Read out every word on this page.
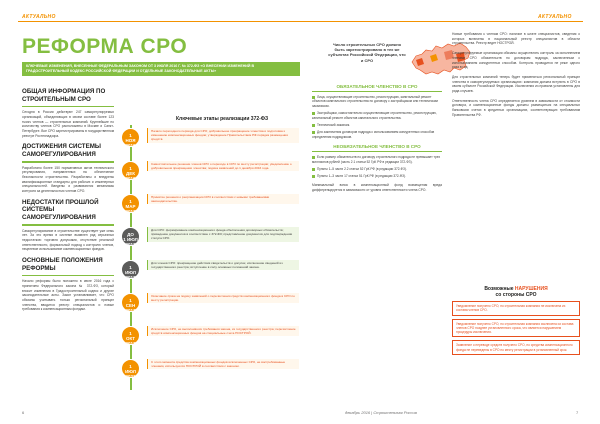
АКТУАЛЬНО	АКТУАЛЬНО
РЕФОРМА СРО
КЛЮЧЕВЫЕ ИЗМЕНЕНИЯ, ВНЕСЕННЫЕ ФЕДЕРАЛЬНЫМ ЗАКОНОМ ОТ 3 ИЮЛЯ 2016 Г. № 372-ФЗ «О ВНЕСЕНИИ ИЗМЕНЕНИЙ В ГРАДОСТРОИТЕЛЬНЫЙ КОДЕКС РОССИЙСКОЙ ФЕДЕРАЦИИ И ОТДЕЛЬНЫЕ ЗАКОНОДАТЕЛЬНЫЕ АКТЫ»
ОБЩАЯ ИНФОРМАЦИЯ ПО СТРОИТЕЛЬНЫМ СРО
Сегодня в России действуют 247 саморегулируемых организаций, объединяющих в своем составе более 123 тысяч членов — строительных компаний. Крупнейшие по количеству членов СРО расположены в Москве и Санкт-Петербурге. Все СРО зарегистрированы в государственном реестре Ростехнадзора.
ДОСТИЖЕНИЯ СИСТЕМЫ САМОРЕГУЛИРОВАНИЯ
Разработано более 150 нормативных актов технического регулирования, направленных на обеспечение безопасности строительства. Разработаны и внедрены квалификационные стандарты для рабочих и инженерных специальностей. Введены и развиваются механизмы контроля за деятельностью членов СРО.
НЕДОСТАТКИ ПРОШЛОЙ СИСТЕМЫ САМОРЕГУЛИРОВАНИЯ
Саморегулирование в строительстве существует уже семь лет. За это время в системе выявлен ряд серьезных недостатков: торговля допусками, отсутствие реальной ответственности, формальный подход к контролю членов, нецелевое использование компенсационных фондов.
ОСНОВНЫЕ ПОЛОЖЕНИЯ РЕФОРМЫ
Начало реформы было положено в июле 2016 года с принятием Федерального закона № 372-ФЗ, который вносит изменения в Градостроительный кодекс и другие законодательные акты. Закон устанавливает, что СРО обязаны учитывать только региональный принцип членства, вводится реестр специалистов и новые требования к компенсационным фондам.
Ключевые этапы реализации 372-ФЗ
1
НОЯ
2016
Начало переходного периода для СРО; добровольное прекращение членства и подготовка к изменению компенсационных фондов; утверждение Правительством РФ порядка размещения средств.
1
ДЕК
2016
Самостоятельное решение членов СРО о переходе в СРО по месту регистрации; уведомление о добровольном прекращении членства; подача заявлений до 1 декабря 2016 года.
1
МАР
2017
Принятие решения о реорганизации СРО в соответствии с новыми требованиями законодательства.
ДО
1 ИЮЛ
2017
Для СРО: формирование компенсационного фонда обеспечения договорных обязательств; приведение документов в соответствие с 372-ФЗ; представление документов для подтверждения статуса СРО.
1
ИЮЛ
2017
Для членов СРО: прекращение действия свидетельств о допуске; исключение сведений из государственного реестра; вступление в силу основных положений закона.
1
СЕН
2017
Окончание срока на подачу заявлений о перечислении средств компенсационного фонда в СРО по месту регистрации.
1
ОКТ
2017
Исключение СРО, не выполнивших требования закона, из государственного реестра; перечисление средств компенсационных фондов на специальные счета НОСТРОЙ.
1
ИЮЛ
2021
С этого момента средства компенсационных фондов исключенных СРО, не востребованные членами, используются НОСТРОЙ в соответствии с законом.
Число строительных СРО должно быть зарегистрировано в тех же субъектах Российской Федерации, что и СРО
ОБЯЗАТЕЛЬНОЕ ЧЛЕНСТВО В СРО
Лица, осуществляющие строительство, реконструкцию, капитальный ремонт объектов капитального строительства по договору с застройщиком или техническим заказчиком.
Застройщики, самостоятельно осуществляющие строительство, реконструкцию, капитальный ремонт объектов капитального строительства.
Технический заказчик.
Для заключения договоров подряда с использованием конкурентных способов определения подрядчиков.
НЕОБЯЗАТЕЛЬНОЕ ЧЛЕНСТВО В СРО
Если размер обязательств по договору строительного подряда не превышает трех миллионов рублей (часть 2.1 статьи 52 ГрК РФ в редакции 372-ФЗ).
Пункты 1–5 части 2.2 статьи 52 ГрК РФ (в редакции 372-ФЗ).
Пункты 1–3 части 17 статьи 51 ГрК РФ (в редакции 372-ФЗ).
Минимальный взнос в компенсационный фонд возмещения вреда дифференцируется в зависимости от уровня ответственности члена СРО.
Новые требования к членам СРО: наличие в штате специалистов, сведения о которых включены в национальный реестр специалистов в области строительства. Реестр ведет НОСТРОЙ.
Саморегулируемые организации обязаны осуществлять контроль за исполнением членами СРО обязательств по договорам подряда, заключенным с использованием конкурентных способов. Контроль проводится не реже одного раза в год.
Для строительных компаний теперь будет применяться региональный принцип членства в саморегулируемых организациях: компания должна вступить в СРО в своем субъекте Российской Федерации. Исключения из правила установлены для ряда случаев.
Ответственность члена СРО определяется уровнем в зависимости от стоимости договора, и компенсационные фонды должны размещаться на специальных банковских счетах в кредитных организациях, соответствующих требованиям Правительства РФ.
Возможные НАРУШЕНИЯ
со стороны СРО
Уведомление получено СРО, но строительная компания не исключена из состава членов СРО.
Уведомление получено СРО, но строительная компания исключена из состава членов СРО позднее установленного срока, что является нарушением процедуры исключения.
Заявление о переводе средств получено СРО, но средства компенсационного фонда не переведены в СРО по месту регистрации в установленный срок.
6	декабрь 2016 | Строительная Россия	7
